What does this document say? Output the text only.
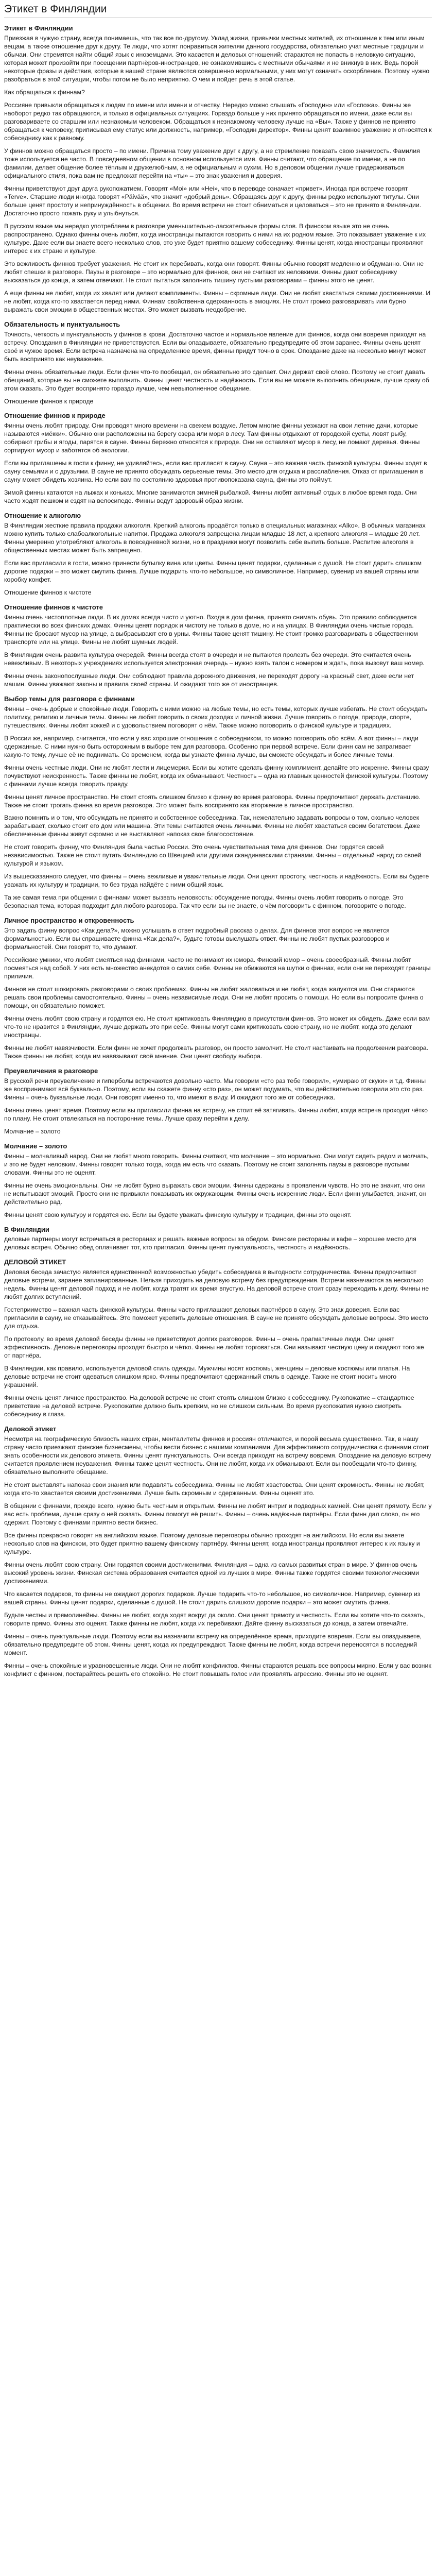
Этикет в Финляндии
Этикет в Финляндии

Приезжая в чужую страну, всегда понимаешь, что так все по-другому. Уклад жизни, привычки местных жителей, их отношение к тем или иным вещам, а также отношение друг к другу. Те люди, что хотят понравиться жителям данного государства, обязательно учат местные традиции и обычаи. Они стремятся найти общий язык с иноземцами. Это касается и деловых отношений: стараются не попасть в неловкую ситуацию, которая может произойти при посещении партнёров-иностранцев, не ознакомившись с местными обычаями и не вникнув в них. Ведь порой некоторые фразы и действия, которые в нашей стране являются совершенно нормальными, у них могут означать оскорбление. Поэтому нужно разобраться в этой ситуации, чтобы потом не было неприятно. О чем и пойдет речь в этой статье.

Как обращаться к финнам?

Россияне привыкли обращаться к людям по имени или имени и отчеству. Нередко можно слышать «Господин» или «Госпожа». Финны же наоборот редко так обращаются, и только в официальных ситуациях. Гораздо больше у них принято обращаться по имени, даже если вы разговариваете со старшим или незнакомым человеком. Обращаться к незнакомому человеку лучше на «Вы». Также у финнов не принято обращаться к человеку, приписывая ему статус или должность, например, «Господин директор». Финны ценят взаимное уважение и относятся к собеседнику как к равному.

У финнов можно обращаться просто – по имени. Причина тому уважение друг к другу, а не стремление показать свою значимость. Фамилия тоже используется не часто. В повседневном общении в основном используется имя. Финны считают, что обращение по имени, а не по фамилии, делает общение более тёплым и дружелюбным, а не официальным и сухим. Но в деловом общении лучше придерживаться официального стиля, пока вам не предложат перейти на «ты» – это знак уважения и доверия.

Финны приветствуют друг друга рукопожатием. Говорят «Moi» или «Hei», что в переводе означает «привет». Иногда при встрече говорят «Terve». Старшие люди иногда говорят «Päivää», что значит «добрый день». Обращаясь друг к другу, финны редко используют титулы. Они больше ценят простоту и непринуждённость в общении. Во время встречи не стоит обниматься и целоваться – это не принято в Финляндии. Достаточно просто пожать руку и улыбнуться.

В русском языке мы нередко употребляем в разговоре уменьшительно-ласкательные формы слов. В финском языке это не очень распространено. Однако финны очень любят, когда иностранцы пытаются говорить с ними на их родном языке. Это показывает уважение к их культуре. Даже если вы знаете всего несколько слов, это уже будет приятно вашему собеседнику. Финны ценят, когда иностранцы проявляют интерес к их стране и культуре.

Это вежливость финнов требует уважения. Не стоит их перебивать, когда они говорят. Финны обычно говорят медленно и обдуманно. Они не любят спешки в разговоре. Паузы в разговоре – это нормально для финнов, они не считают их неловкими. Финны дают собеседнику высказаться до конца, а затем отвечают. Не стоит пытаться заполнить тишину пустыми разговорами – финны этого не ценят.

А еще финны не любят, когда их хвалят или делают комплименты. Финны – скромные люди. Они не любят хвастаться своими достижениями. И не любят, когда кто-то хвастается перед ними. Финнам свойственна сдержанность в эмоциях. Не стоит громко разговаривать или бурно выражать свои эмоции в общественных местах. Это может вызвать неодобрение.

Обязательность и пунктуальность

Точность, четкость и пунктуальность у финнов в крови. Достаточно частое и нормальное явление для финнов, когда они вовремя приходят на встречу. Опоздания в Финляндии не приветствуются. Если вы опаздываете, обязательно предупредите об этом заранее. Финны очень ценят своё и чужое время. Если встреча назначена на определенное время, финны придут точно в срок. Опоздание даже на несколько минут может быть воспринято как неуважение.

Финны очень обязательные люди. Если финн что-то пообещал, он обязательно это сделает. Они держат своё слово. Поэтому не стоит давать обещаний, которые вы не сможете выполнить. Финны ценят честность и надёжность. Если вы не можете выполнить обещание, лучше сразу об этом сказать. Это будет воспринято гораздо лучше, чем невыполненное обещание.

Отношение финнов к природе

Отношение финнов к природе

Финны очень любят природу. Они проводят много времени на свежем воздухе. Летом многие финны уезжают на свои летние дачи, которые называются «мёкки». Обычно они расположены на берегу озера или моря в лесу. Там финны отдыхают от городской суеты, ловят рыбу, собирают грибы и ягоды, парятся в сауне. Финны бережно относятся к природе. Они не оставляют мусор в лесу, не ломают деревья. Финны сортируют мусор и заботятся об экологии.

Если вы приглашены в гости к финну, не удивляйтесь, если вас пригласят в сауну. Сауна – это важная часть финской культуры. Финны ходят в сауну семьями и с друзьями. В сауне не принято обсуждать серьезные темы. Это место для отдыха и расслабления. Отказ от приглашения в сауну может обидеть хозяина. Но если вам по состоянию здоровья противопоказана сауна, финны это поймут.

Зимой финны катаются на лыжах и коньках. Многие занимаются зимней рыбалкой. Финны любят активный отдых в любое время года. Они часто ходят пешком и ездят на велосипеде. Финны ведут здоровый образ жизни.

Отношение к алкоголю

В Финляндии жесткие правила продажи алкоголя. Крепкий алкоголь продаётся только в специальных магазинах «Alko». В обычных магазинах можно купить только слабоалкогольные напитки. Продажа алкоголя запрещена лицам младше 18 лет, а крепкого алкоголя – младше 20 лет. Финны умеренно употребляют алкоголь в повседневной жизни, но в праздники могут позволить себе выпить больше. Распитие алкоголя в общественных местах может быть запрещено.

Если вас пригласили в гости, можно принести бутылку вина или цветы. Финны ценят подарки, сделанные с душой. Не стоит дарить слишком дорогие подарки – это может смутить финна. Лучше подарить что-то небольшое, но символичное. Например, сувенир из вашей страны или коробку конфет.

Отношение финнов к чистоте

Отношение финнов к чистоте

Финны очень чистоплотные люди. В их домах всегда чисто и уютно. Входя в дом финна, принято снимать обувь. Это правило соблюдается практически во всех финских домах. Финны ценят порядок и чистоту не только в доме, но и на улицах. В Финляндии очень чистые города. Финны не бросают мусор на улице, а выбрасывают его в урны. Финны также ценят тишину. Не стоит громко разговаривать в общественном транспорте или на улице. Финны не любят шумных людей.

В Финляндии очень развита культура очередей. Финны всегда стоят в очереди и не пытаются пролезть без очереди. Это считается очень невежливым. В некоторых учреждениях используется электронная очередь – нужно взять талон с номером и ждать, пока вызовут ваш номер.

Финны очень законопослушные люди. Они соблюдают правила дорожного движения, не переходят дорогу на красный свет, даже если нет машин. Финны уважают законы и правила своей страны. И ожидают того же от иностранцев.

Выбор темы для разговора с финнами

Финны – очень добрые и спокойные люди. Говорить с ними можно на любые темы, но есть темы, которых лучше избегать. Не стоит обсуждать политику, религию и личные темы. Финны не любят говорить о своих доходах и личной жизни. Лучше говорить о погоде, природе, спорте, путешествиях. Финны любят хоккей и с удовольствием поговорят о нём. Также можно поговорить о финской культуре и традициях.

В России же, например, считается, что если у вас хорошие отношения с собеседником, то можно поговорить обо всём. А вот финны – люди сдержанные. С ними нужно быть осторожным в выборе тем для разговора. Особенно при первой встрече. Если финн сам не затрагивает какую-то тему, лучше её не поднимать. Со временем, когда вы узнаете финна лучше, вы сможете обсуждать и более личные темы.

Финны очень честные люди. Они не любят лести и лицемерия. Если вы хотите сделать финну комплимент, делайте это искренне. Финны сразу почувствуют неискренность. Также финны не любят, когда их обманывают. Честность – одна из главных ценностей финской культуры. Поэтому с финнами лучше всегда говорить правду.

Финны ценят личное пространство. Не стоит стоять слишком близко к финну во время разговора. Финны предпочитают держать дистанцию. Также не стоит трогать финна во время разговора. Это может быть воспринято как вторжение в личное пространство.

Важно помнить и о том, что обсуждать не принято и собственное собеседника. Так, нежелательно задавать вопросы о том, сколько человек зарабатывает, сколько стоит его дом или машина. Эти темы считаются очень личными. Финны не любят хвастаться своим богатством. Даже обеспеченные финны живут скромно и не выставляют напоказ свое благосостояние.

Не стоит говорить финну, что Финляндия была частью России. Это очень чувствительная тема для финнов. Они гордятся своей независимостью. Также не стоит путать Финляндию со Швецией или другими скандинавскими странами. Финны – отдельный народ со своей культурой и языком.

Из вышесказанного следует, что финны – очень вежливые и уважительные люди. Они ценят простоту, честность и надёжность. Если вы будете уважать их культуру и традиции, то без труда найдёте с ними общий язык.

Та же самая тема при общении с финнами может вызвать неловкость: обсуждение погоды. Финны очень любят говорить о погоде. Это безопасная тема, которая подходит для любого разговора. Так что если вы не знаете, о чём поговорить с финном, поговорите о погоде.

Личное пространство и откровенность

Это задать финну вопрос «Как дела?», можно услышать в ответ подробный рассказ о делах. Для финнов этот вопрос не является формальностью. Если вы спрашиваете финна «Как дела?», будьте готовы выслушать ответ. Финны не любят пустых разговоров и формальностей. Они говорят то, что думают.

Российские умники, что любят смеяться над финнами, часто не понимают их юмора. Финский юмор – очень своеобразный. Финны любят посмеяться над собой. У них есть множество анекдотов о самих себе. Финны не обижаются на шутки о финнах, если они не переходят границы приличия.

Финнов не стоит шокировать разговорами о своих проблемах. Финны не любят жаловаться и не любят, когда жалуются им. Они стараются решать свои проблемы самостоятельно. Финны – очень независимые люди. Они не любят просить о помощи. Но если вы попросите финна о помощи, он обязательно поможет.

Финны очень любят свою страну и гордятся ею. Не стоит критиковать Финляндию в присутствии финнов. Это может их обидеть. Даже если вам что-то не нравится в Финляндии, лучше держать это при себе. Финны могут сами критиковать свою страну, но не любят, когда это делают иностранцы.

Финны не любят навязчивости. Если финн не хочет продолжать разговор, он просто замолчит. Не стоит настаивать на продолжении разговора. Также финны не любят, когда им навязывают своё мнение. Они ценят свободу выбора.

Преувеличения в разговоре

В русской речи преувеличение и гиперболы встречаются довольно часто. Мы говорим «сто раз тебе говорил», «умираю от скуки» и т.д. Финны же воспринимают всё буквально. Поэтому, если вы скажете финну «сто раз», он может подумать, что вы действительно говорили это сто раз. Финны – очень буквальные люди. Они говорят именно то, что имеют в виду. И ожидают того же от собеседника.

Финны очень ценят время. Поэтому если вы пригласили финна на встречу, не стоит её затягивать. Финны любят, когда встреча проходит чётко по плану. Не стоит отвлекаться на посторонние темы. Лучше сразу перейти к делу.

Молчание – золото

Молчание – золото

Финны – молчаливый народ. Они не любят много говорить. Финны считают, что молчание – это нормально. Они могут сидеть рядом и молчать, и это не будет неловким. Финны говорят только тогда, когда им есть что сказать. Поэтому не стоит заполнять паузы в разговоре пустыми словами. Финны это не оценят.

Финны не очень эмоциональны. Они не любят бурно выражать свои эмоции. Финны сдержаны в проявлении чувств. Но это не значит, что они не испытывают эмоций. Просто они не привыкли показывать их окружающим. Финны очень искренние люди. Если финн улыбается, значит, он действительно рад.

Финны ценят свою культуру и гордятся ею. Если вы будете уважать финскую культуру и традиции, финны это оценят.

В Финляндии

деловые партнеры могут встречаться в ресторанах и решать важные вопросы за обедом. Финские рестораны и кафе – хорошее место для деловых встреч. Обычно обед оплачивает тот, кто пригласил. Финны ценят пунктуальность, честность и надёжность.

ДЕЛОВОЙ ЭТИКЕТ

Деловая беседа зачастую является единственной возможностью убедить собеседника в выгодности сотрудничества. Финны предпочитают деловые встречи, заранее запланированные. Нельзя приходить на деловую встречу без предупреждения. Встречи назначаются за несколько недель. Финны ценят деловой подход и не любят, когда тратят их время впустую. На деловой встрече стоит сразу переходить к делу. Финны не любят долгих вступлений.

Гостеприимство – важная часть финской культуры. Финны часто приглашают деловых партнёров в сауну. Это знак доверия. Если вас пригласили в сауну, не отказывайтесь. Это поможет укрепить деловые отношения. В сауне не принято обсуждать деловые вопросы. Это место для отдыха.

По протоколу, во время деловой беседы финны не приветствуют долгих разговоров. Финны – очень прагматичные люди. Они ценят эффективность. Деловые переговоры проходят быстро и чётко. Финны не любят торговаться. Они называют честную цену и ожидают того же от партнёра.

В Финляндии, как правило, используется деловой стиль одежды. Мужчины носят костюмы, женщины – деловые костюмы или платья. На деловые встречи не стоит одеваться слишком ярко. Финны предпочитают сдержанный стиль в одежде. Также не стоит носить много украшений.

Финны очень ценят личное пространство. На деловой встрече не стоит стоять слишком близко к собеседнику. Рукопожатие – стандартное приветствие на деловой встрече. Рукопожатие должно быть крепким, но не слишком сильным. Во время рукопожатия нужно смотреть собеседнику в глаза.

Деловой этикет

Несмотря на географическую близость наших стран, менталитеты финнов и россиян отличаются, и порой весьма существенно. Так, в нашу страну часто приезжают финские бизнесмены, чтобы вести бизнес с нашими компаниями. Для эффективного сотрудничества с финнами стоит знать особенности их делового этикета. Финны ценят пунктуальность. Они всегда приходят на встречу вовремя. Опоздание на деловую встречу считается проявлением неуважения. Финны также ценят честность. Они не любят, когда их обманывают. Если вы пообещали что-то финну, обязательно выполните обещание.

Не стоит выставлять напоказ свои знания или подавлять собеседника. Финны не любят хвастовства. Они ценят скромность. Финны не любят, когда кто-то хвастается своими достижениями. Лучше быть скромным и сдержанным. Финны оценят это.

В общении с финнами, прежде всего, нужно быть честным и открытым. Финны не любят интриг и подводных камней. Они ценят прямоту. Если у вас есть проблема, лучше сразу о ней сказать. Финны помогут её решить. Финны – очень надёжные партнёры. Если финн дал слово, он его сдержит. Поэтому с финнами приятно вести бизнес.

Все финны прекрасно говорят на английском языке. Поэтому деловые переговоры обычно проходят на английском. Но если вы знаете несколько слов на финском, это будет приятно вашему финскому партнёру. Финны ценят, когда иностранцы проявляют интерес к их языку и культуре.

Финны очень любят свою страну. Они гордятся своими достижениями. Финляндия – одна из самых развитых стран в мире. У финнов очень высокий уровень жизни. Финская система образования считается одной из лучших в мире. Финны также гордятся своими технологическими достижениями.

Что касается подарков, то финны не ожидают дорогих подарков. Лучше подарить что-то небольшое, но символичное. Например, сувенир из вашей страны. Финны ценят подарки, сделанные с душой. Не стоит дарить слишком дорогие подарки – это может смутить финна.

Будьте честны и прямолинейны. Финны не любят, когда ходят вокруг да около. Они ценят прямоту и честность. Если вы хотите что-то сказать, говорите прямо. Финны это оценят. Также финны не любят, когда их перебивают. Дайте финну высказаться до конца, а затем отвечайте.

Финны – очень пунктуальные люди. Поэтому если вы назначили встречу на определённое время, приходите вовремя. Если вы опаздываете, обязательно предупредите об этом. Финны ценят, когда их предупреждают. Также финны не любят, когда встречи переносятся в последний момент.

Финны – очень спокойные и уравновешенные люди. Они не любят конфликтов. Финны стараются решать все вопросы мирно. Если у вас возник конфликт с финном, постарайтесь решить его спокойно. Не стоит повышать голос или проявлять агрессию. Финны это не оценят.
